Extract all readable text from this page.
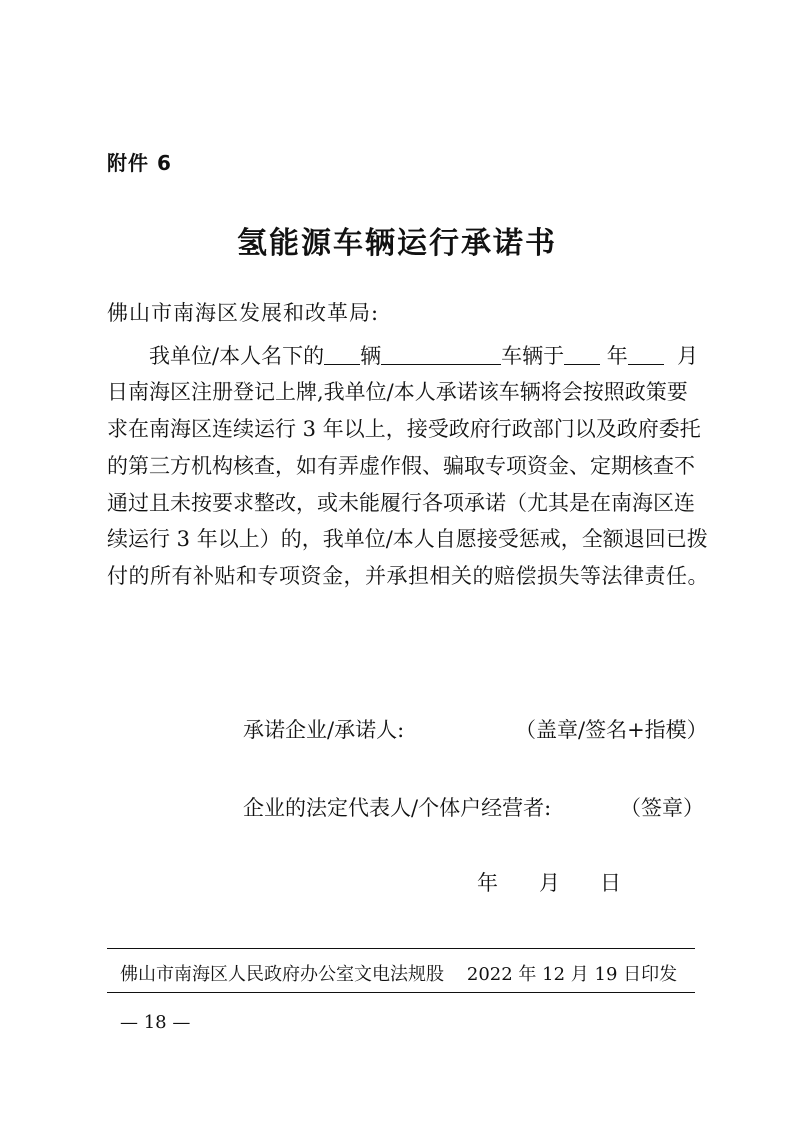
附件 6
氢能源车辆运行承诺书
佛山市南海区发展和改革局:
我单位/本人名下的 辆	车辆于 年 月
日南海区注册登记上牌,我单位/本人承诺该车辆将会按照政策要
求在南海区连续运行 3 年以上，接受政府行政部门以及政府委托
的第三方机构核查，如有弄虚作假、骗取专项资金、定期核查不
通过且未按要求整改，或未能履行各项承诺（尤其是在南海区连
续运行 3 年以上）的，我单位/本人自愿接受惩戒，全额退回已拨
付的所有补贴和专项资金，并承担相关的赔偿损失等法律责任。
承诺企业/承诺人:	（盖章/签名+指模）
企业的法定代表人/个体户经营者:	（签章）
年 月 日
佛山市南海区人民政府办公室文电法规股 2022 年 12 月 19 日印发
— 18 —
